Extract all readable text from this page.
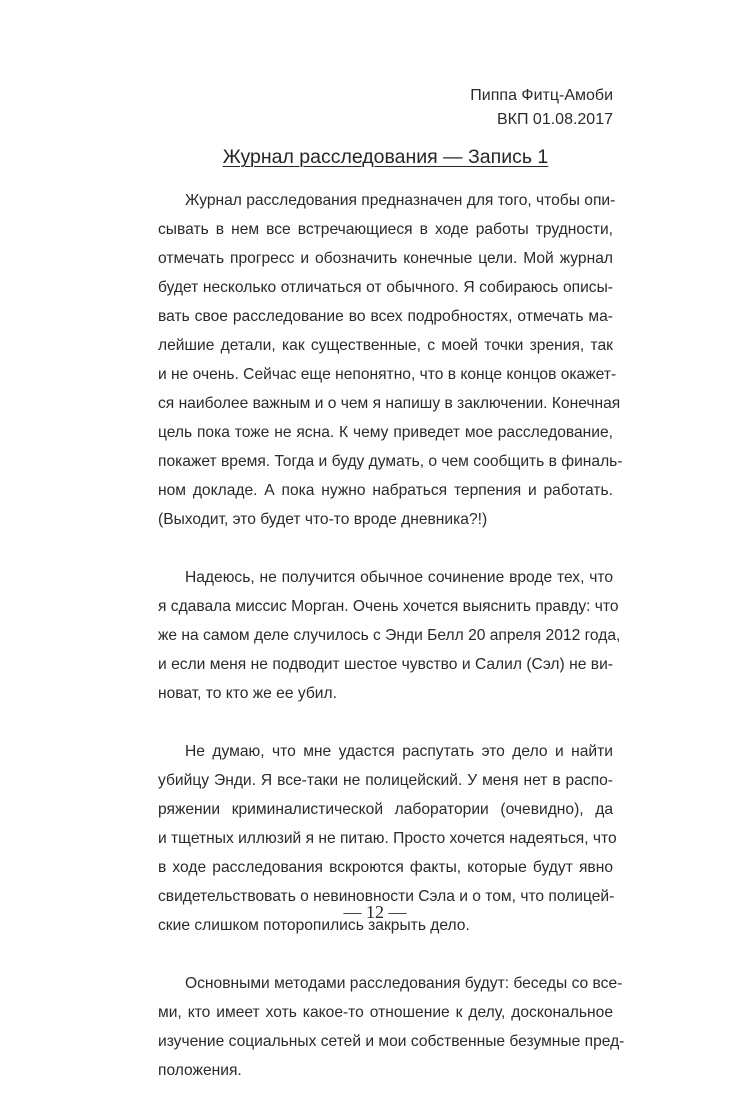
Пиппа Фитц-Амоби
ВКП 01.08.2017
Журнал расследования — Запись 1
Журнал расследования предназначен для того, чтобы опи-
сывать в нем все встречающиеся в ходе работы трудности,
отмечать прогресс и обозначить конечные цели. Мой журнал
будет несколько отличаться от обычного. Я собираюсь описы-
вать свое расследование во всех подробностях, отмечать ма-
лейшие детали, как существенные, с моей точки зрения, так
и не очень. Сейчас еще непонятно, что в конце концов окажет-
ся наиболее важным и о чем я напишу в заключении. Конечная
цель пока тоже не ясна. К чему приведет мое расследование,
покажет время. Тогда и буду думать, о чем сообщить в финаль-
ном докладе. А пока нужно набраться терпения и работать.
(Выходит, это будет что-то вроде дневника?!)
Надеюсь, не получится обычное сочинение вроде тех, что
я сдавала миссис Морган. Очень хочется выяснить правду: что
же на самом деле случилось с Энди Белл 20 апреля 2012 года,
и если меня не подводит шестое чувство и Салил (Сэл) не ви-
новат, то кто же ее убил.
Не думаю, что мне удастся распутать это дело и найти
убийцу Энди. Я все-таки не полицейский. У меня нет в распо-
ряжении криминалистической лаборатории (очевидно), да
и тщетных иллюзий я не питаю. Просто хочется надеяться, что
в ходе расследования вскроются факты, которые будут явно
свидетельствовать о невиновности Сэла и о том, что полицей-
ские слишком поторопились закрыть дело.
Основными методами расследования будут: беседы со все-
ми, кто имеет хоть какое-то отношение к делу, доскональное
изучение социальных сетей и мои собственные безумные пред-
положения.
— 12 —
